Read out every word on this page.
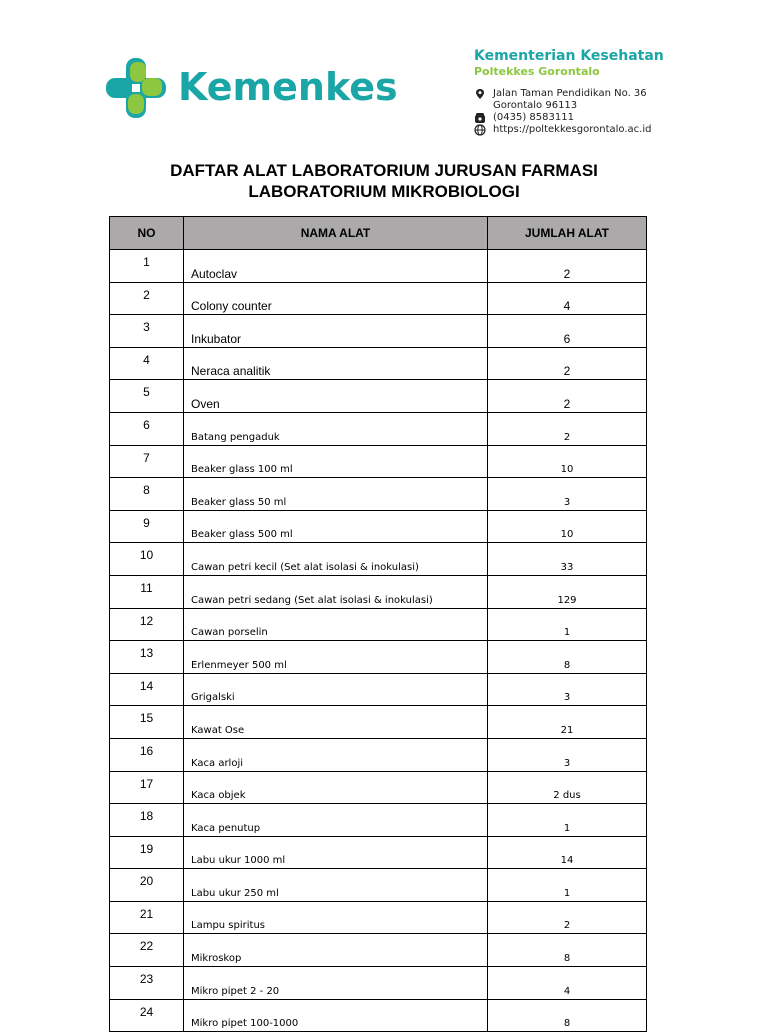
Kemenkes
Kementerian Kesehatan
Poltekkes Gorontalo
Jalan Taman Pendidikan No. 36
Gorontalo 96113
(0435) 8583111
https://poltekkesgorontalo.ac.id
DAFTAR ALAT LABORATORIUM JURUSAN FARMASI
LABORATORIUM MIKROBIOLOGI
NO	NAMA ALAT	JUMLAH ALAT
1	Autoclav	2
2	Colony counter	4
3	Inkubator	6
4	Neraca analitik	2
5	Oven	2
6	Batang pengaduk	2
7	Beaker glass 100 ml	10
8	Beaker glass 50 ml	3
9	Beaker glass 500 ml	10
10	Cawan petri kecil (Set alat isolasi & inokulasi)	33
11	Cawan petri sedang (Set alat isolasi & inokulasi)	129
12	Cawan porselin	1
13	Erlenmeyer 500 ml	8
14	Grigalski	3
15	Kawat Ose	21
16	Kaca arloji	3
17	Kaca objek	2 dus
18	Kaca penutup	1
19	Labu ukur 1000 ml	14
20	Labu ukur 250 ml	1
21	Lampu spiritus	2
22	Mikroskop	8
23	Mikro pipet 2 - 20	4
24	Mikro pipet 100-1000	8
